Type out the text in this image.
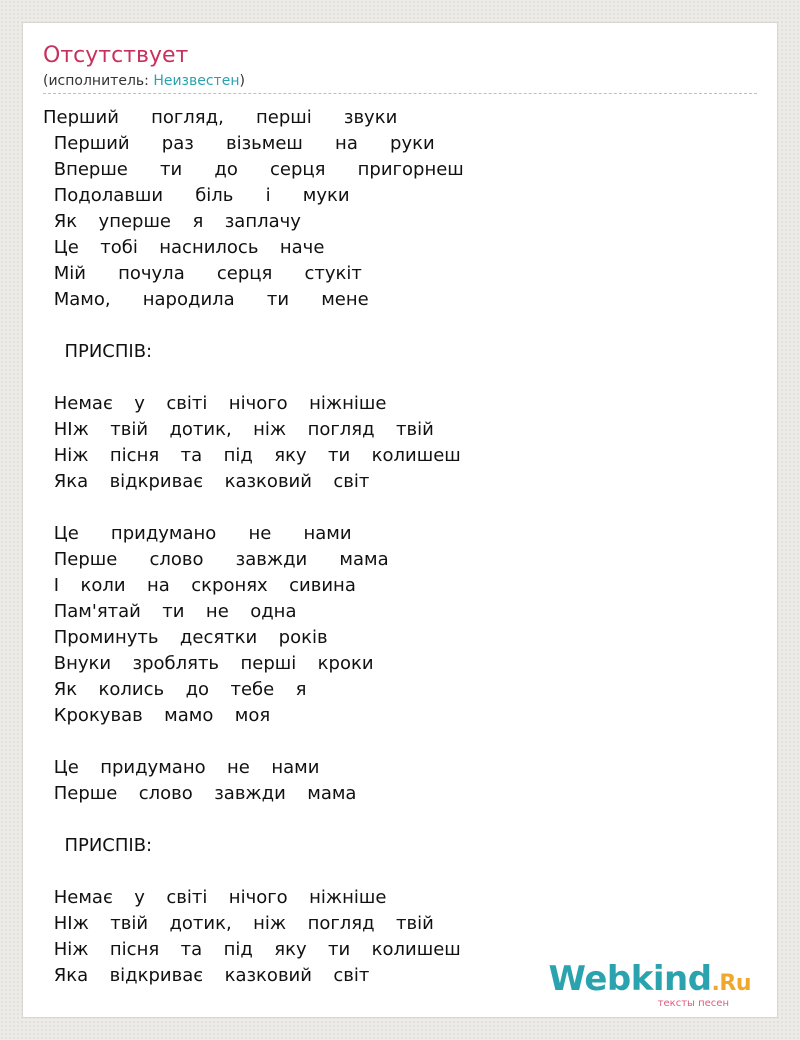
Отсутствует
(исполнитель: Неизвестен)
Перший   погляд,   перші   звуки
Перший   раз   візьмеш   на   руки
Вперше   ти   до   серця   пригорнеш
Подолавши   біль   і   муки
Як  уперше  я  заплачу
Це  тобі  наснилось  наче
Мій   почула   серця   стукіт
Мамо,   народила   ти   мене
ПРИСПІВ:
Немає  у  світі  нічого  ніжніше
НІж  твій  дотик,  ніж  погляд  твій
Ніж  пісня  та  під  яку  ти  колишеш
Яка  відкриває  казковий  світ
Це   придумано   не   нами
Перше   слово   завжди   мама
І  коли  на  скронях  сивина
Пам'ятай  ти  не  одна
Проминуть  десятки  років
Внуки  зроблять  перші  кроки
Як  колись  до  тебе  я
Крокував  мамо  моя
Це  придумано  не  нами
Перше  слово  завжди  мама
ПРИСПІВ:
Немає  у  світі  нічого  ніжніше
НІж  твій  дотик,  ніж  погляд  твій
Ніж  пісня  та  під  яку  ти  колишеш
Яка  відкриває  казковий  світ	Webkind.Ru
тексты песен
